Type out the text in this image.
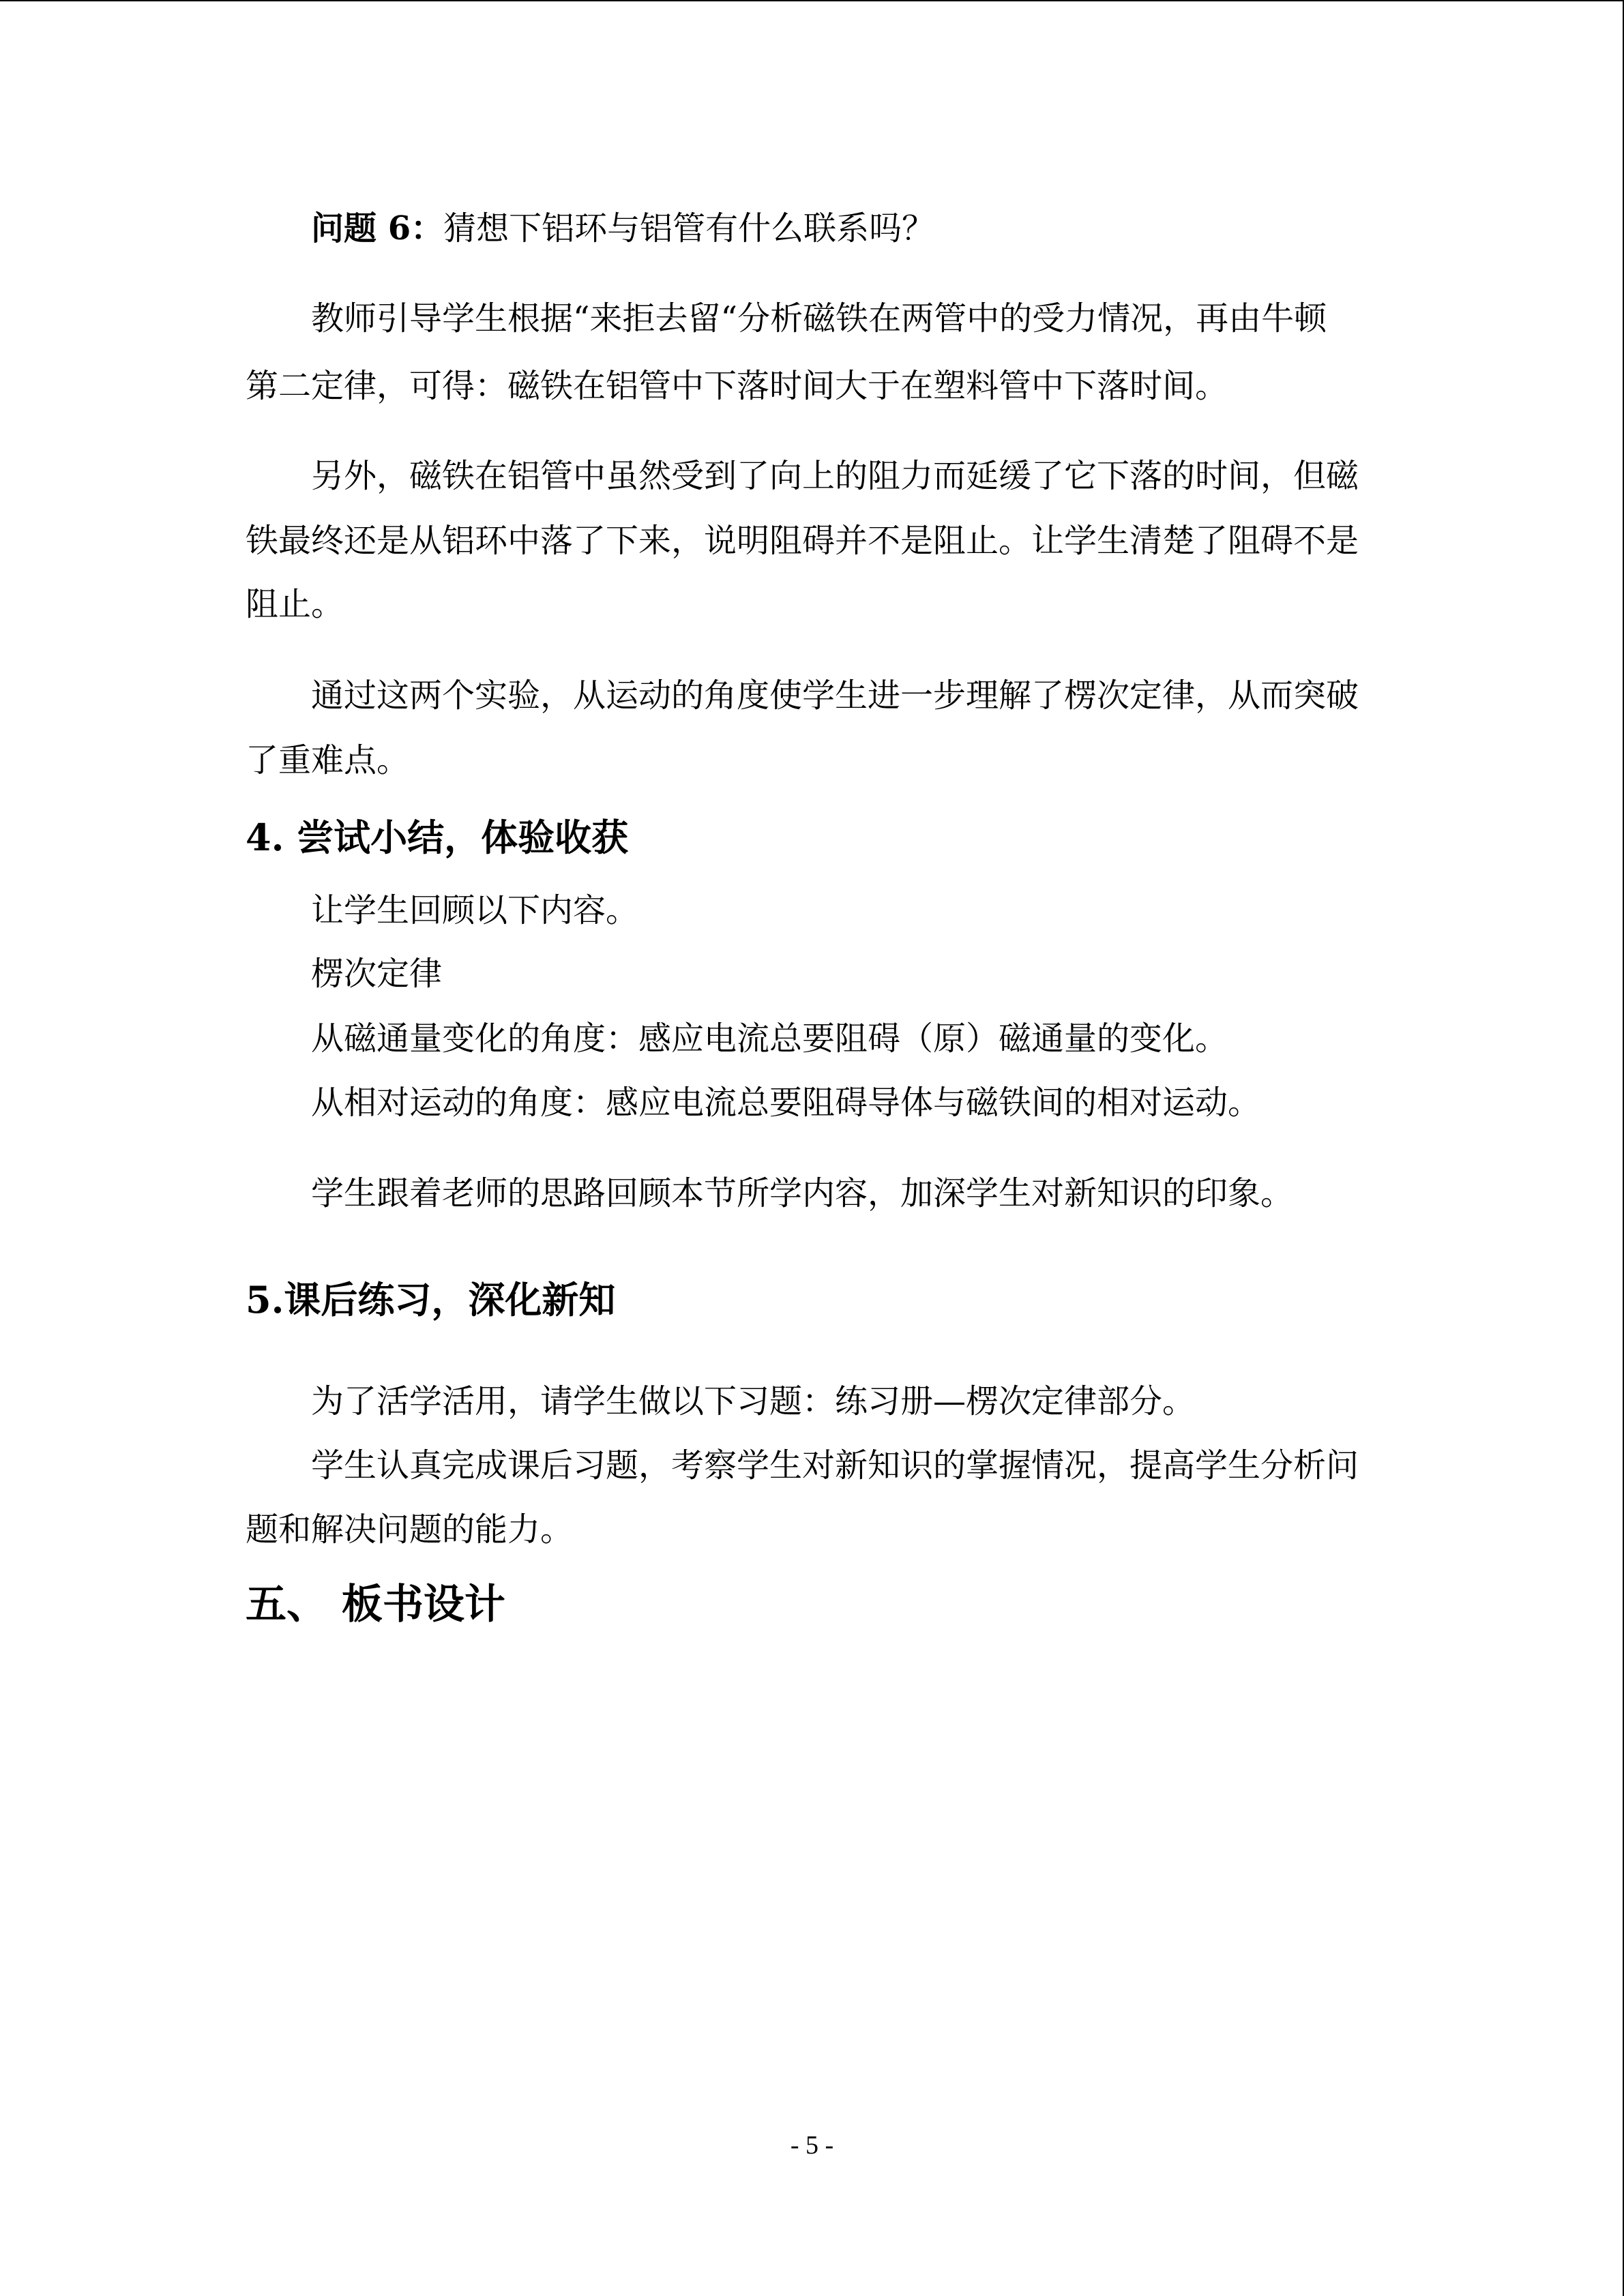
问题 6：猜想下铝环与铝管有什么联系吗？
教师引导学生根据“来拒去留“分析磁铁在两管中的受力情况，再由牛顿
第二定律，可得：磁铁在铝管中下落时间大于在塑料管中下落时间。
另外，磁铁在铝管中虽然受到了向上的阻力而延缓了它下落的时间，但磁
铁最终还是从铝环中落了下来，说明阻碍并不是阻止。让学生清楚了阻碍不是
阻止。
通过这两个实验，从运动的角度使学生进一步理解了楞次定律，从而突破
了重难点。
4. 尝试小结，体验收获
让学生回顾以下内容。
楞次定律
从磁通量变化的角度：感应电流总要阻碍（原）磁通量的变化。
从相对运动的角度：感应电流总要阻碍导体与磁铁间的相对运动。
学生跟着老师的思路回顾本节所学内容，加深学生对新知识的印象。
5.课后练习，深化新知
为了活学活用，请学生做以下习题：练习册—楞次定律部分。
学生认真完成课后习题，考察学生对新知识的掌握情况，提高学生分析问
题和解决问题的能力。
五、 板书设计
- 5 -
